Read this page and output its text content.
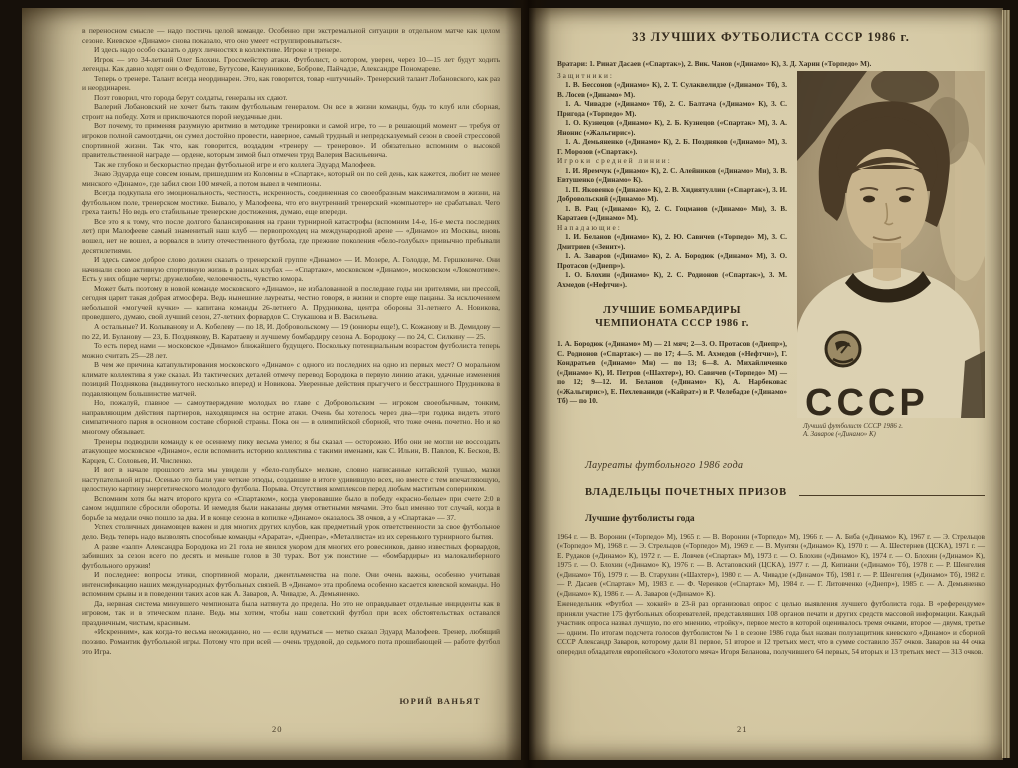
в переносном смысле — надо постичь целой команде. Особенно при экстремальной ситуации в отдельном матче как целом сезоне. Киевское «Динамо» снова показало, что оно умеет «сгруппировываться».

И здесь надо особо сказать о двух личностях в коллективе. Игроке и тренере.

Игрок — это 34-летний Олег Блохин. Гроссмейстер атаки. Футболист, о котором, уверен, через 10—15 лет будут ходить легенды. Как давно ходят они о Федотове, Бутусове, Канунникове, Боброве, Пайчадзе, Александре Пономареве.

Теперь о тренере. Талант всегда неординарен. Это, как говорится, товар «штучный». Тренерский талант Лобановского, как раз и неординарен.

Поэт говорил, что города берут солдаты, генералы их сдают.

Валерий Лобановский не хочет быть таким футбольным генералом. Он все в жизни команды, будь то клуб или сборная, строит на победу. Хотя и приключаются порой неудачные дни.

Вот почему, то применяя разумную аритмию в методике тренировки и самой игре, то — в решающий момент — требуя от игроков полной самоотдачи, он сумел достойно провести, наверное, самый трудный и непредсказуемый сезон в своей стрессовой спортивной жизни. Так что, как говорится, воздадим «тренеру — тренерово». И обязательно вспомним о высокой правительственной награде — ордене, которым зимой был отмечен труд Валерия Васильевича.

Так же глубоко и бескорыстно предан футбольной игре и его коллега Эдуард Малофеев.

Знаю Эдуарда еще совсем юным, пришедшим из Коломны в «Спартак», который он по сей день, как кажется, любит не менее минского «Динамо», где забил свои 100 мячей, а потом вывел в чемпионы.

Всегда подкупала его эмоциональность, честность, искренность, соединенная со своеобразным максимализмом в жизни, на футбольном поле, тренерском мостике. Бывало, у Малофеева, что его внутренний тренерский «компьютер» не срабатывал. Чего греха таить! Но ведь его стабильные тренерские достижения, думаю, еще впереди.

Все это я к тому, что после долгого балансирования на грани турнирной катастрофы (вспомним 14-е, 16-е места последних лет) при Малофееве самый знаменитый наш клуб — первопроходец на международной арене — «Динамо» из Москвы, вновь вошел, нет не вошел, а ворвался в элиту отечественного футбола, где прежние поколения «бело-голубых» привычно пребывали десятилетиями.

И здесь самое доброе слово должен сказать о тренерской группе «Динамо» — И. Мозере, А. Голодце, М. Гершковиче. Они начинали свою активную спортивную жизнь в разных клубах — «Спартаке», московском «Динамо», московском «Локомотиве». Есть у них общие черты: дружелюбие, человечность, чувство юмора.

Может быть поэтому в новой команде московского «Динамо», не избалованной в последние годы ни зрителями, ни прессой, сегодня царит такая добрая атмосфера. Ведь нынешние лауреаты, честно говоря, в жизни и спорте еще пацаны. За исключением небольшой «могучей кучки» — капитана команды 26-летнего А. Прудникова, центра обороны 31-летнего А. Новикова, проведшего, думаю, свой лучший сезон, 27-летних форвардов С. Стукашова и В. Васильева.

А остальные? И. Колыванову и А. Кобелеву — по 18, И. Добровольскому — 19 (юниоры еще!), С. Кожанову и В. Демидову — по 22, И. Буланову — 23, Б. Позднякову, В. Каратаеву и лучшему бомбардиру сезона А. Бородюку — по 24, С. Силкину — 25.

То есть перед нами — московское «Динамо» ближайшего будущего. Поскольку потенциальным возрастом футболиста теперь можно считать 25—28 лет.

В чем же причина катапультирования московского «Динамо» с одного из последних на одно из первых мест? О моральном климате коллектива я уже сказал. Из тактических деталей отмечу перевод Бородюка в первую линию атаки, удачные изменения позиций Позднякова (выдвинутого несколько вперед) и Новикова. Уверенные действия прыгучего и бесстрашного Прудникова в подавляющем большинстве матчей.

Но, пожалуй, главное — самоутверждение молодых во главе с Добровольским — игроком своеобычным, тонким, направляющим действия партнеров, находящимся на острие атаки. Очень бы хотелось через два—три годика видеть этого симпатичного парня в основном составе сборной страны. Пока он — в олимпийской сборной, что тоже очень почетно. Но и ко многому обязывает.

Тренеры подводили команду к ее осеннему пику весьма умело; я бы сказал — осторожно. Ибо они не могли не воссоздать атакующее московское «Динамо», если вспомнить историю коллектива с такими именами, как С. Ильин, В. Павлов, К. Бесков, В. Карцев, С. Соловьев, И. Численко.

И вот в начале прошлого лета мы увидели у «бело-голубых» мелкие, словно написанные китайской тушью, мазки наступательной игры. Осенью это были уже четкие этюды, создавшие в итоге удивившую всех, но вместе с тем впечатляющую, целостную картину энергетического молодого футбола. Порыва. Отсутствия комплексов перед любым маститым соперником.

Вспомним хотя бы матч второго круга со «Спартаком», когда уверовавшие было в победу «красно-белые» при счете 2:0 в самом эндшпиле сбросили обороты. И немедля были наказаны двумя ответными мячами. Это был именно тот случай, когда в борьбе за медали очко пошло за два. И в конце сезона в копилке «Динамо» оказалось 38 очков, а у «Спартака» — 37.

Успех столичных динамовцев важен и для многих других клубов, как предметный урок ответственности за свое футбольное дело. Ведь теперь надо вызволять способные команды «Арарата», «Днепра», «Металлиста» из их серенького турнирного бытия.

А разве «залп» Александра Бородюка из 21 гола не явился укором для многих его ровесников, давно известных форвардов, забивших за сезон всего по десять и меньше голов в 30 турах. Вот уж поистине — «бомбардиры» из малокалиберного футбольного оружия!

И последнее: вопросы этики, спортивной морали, джентльменства на поле. Они очень важны, особенно учитывая интенсификацию наших международных футбольных связей. В «Динамо» эта проблема особенно касается киевской команды. Но вспомним срывы и в поведении таких асов как А. Заваров, А. Чивадзе, А. Демьяненко.

Да, нервная система минувшего чемпионата была натянута до предела. Но это не оправдывает отдельные инциденты как в игровом, так и в этическом плане. Ведь мы хотим, чтобы наш советский футбол при всех обстоятельствах оставался праздничным, чистым, красивым.

«Искренним», как когда-то весьма неожиданно, но — если вдуматься — метко сказал Эдуард Малофеев. Тренер, любящий поэзию. Романтик футбольной игры. Потому что при всей — очень трудовой, до седьмого пота прошибающей — работе футбол это Игра.

ЮРИЙ ВАНЬЯТ
20
33 ЛУЧШИХ ФУТБОЛИСТА СССР 1986 г.
Вратари: 1. Ринат Дасаев («Спартак»), 2. Вик. Чанов («Динамо» К), 3. Д. Харин («Торпедо» М).

Защитники:

1. В. Бессонов («Динамо» К), 2. Т. Сулаквелидзе («Динамо» Тб), 3. В. Лосев («Динамо» М).

1. А. Чивадзе («Динамо» Тб), 2. С. Балтача («Динамо» К), 3. С. Пригода («Торпедо» М).

1. О. Кузнецов («Динамо» К), 2. Б. Кузнецов («Спартак» М), 3. А. Янонис («Жальгирис»).

1. А. Демьяненко («Динамо» К), 2. Б. Поздняков («Динамо» М), 3. Г. Морозов («Спартак»).

Игроки средней линии:

1. И. Яремчук («Динамо» К), 2. С. Алейников («Динамо» Мн), 3. В. Евтушенко («Динамо» К).

1. П. Яковенко («Динамо» К), 2. В. Хидиятуллин («Спартак»), 3. И. Добровольский («Динамо» М).

1. В. Рац («Динамо» К), 2. С. Гоцманов («Динамо» Мн), 3. В. Каратаев («Динамо» М).

Нападающие:

1. И. Беланов («Динамо» К), 2. Ю. Савичев («Торпедо» М), 3. С. Дмитриев («Зенит»).

1. А. Заваров («Динамо» К), 2. А. Бородюк («Динамо» М), 3. О. Протасов («Днепр»).

1. О. Блохин («Динамо» К), 2. С. Родионов («Спартак»), 3. М. Ахмедов («Нефтчи»).

ЛУЧШИЕ БОМБАРДИРЫ
ЧЕМПИОНАТА СССР 1986 г.

1. А. Бородюк («Динамо» М) — 21 мяч; 2—3. О. Протасов («Днепр»), С. Родионов («Спартак») — по 17; 4—5. М. Ахмедов («Нефтчи»), Г. Кондратьев («Динамо» Мн) — по 13; 6—8. А. Михайличенко («Динамо» К), И. Петров («Шахтер»), Ю. Савичев («Торпедо» М) — по 12; 9—12. И. Беланов («Динамо» К), А. Нарбековас («Жальгирис»), Е. Пехлеваниди («Кайрат») и Р. Челебадзе («Динамо» Тб) — по 10.	СССР
Лучший футболист СССР 1986 г.
А. Заваров («Динамо» К)
Лауреаты футбольного 1986 года
ВЛАДЕЛЬЦЫ ПОЧЕТНЫХ ПРИЗОВ
Лучшие футболисты года

1964 г. — В. Воронин («Торпедо» М), 1965 г. — В. Воронин («Торпедо» М), 1966 г. — А. Биба («Динамо» К), 1967 г. — Э. Стрельцов («Торпедо» М), 1968 г. — Э. Стрельцов («Торпедо» М), 1969 г. — В. Мунтян («Динамо» К), 1970 г. — А. Шестернев (ЦСКА), 1971 г. — Е. Рудаков («Динамо» К), 1972 г. — Е. Ловчев («Спартак» М), 1973 г. — О. Блохин («Динамо» К), 1974 г. — О. Блохин («Динамо» К), 1975 г. — О. Блохин («Динамо» К), 1976 г. — В. Астаповский (ЦСКА), 1977 г. — Д. Кипиани («Динамо» Тб), 1978 г. — Р. Шенгелия («Динамо» Тб), 1979 г. — В. Старухин («Шахтер»), 1980 г. — А. Чивадзе («Динамо» Тб), 1981 г. — Р. Шенгелия («Динамо» Тб), 1982 г. — Р. Дасаев («Спартак» М), 1983 г. — Ф. Черенков («Спартак» М), 1984 г. — Г. Литовченко («Днепр»), 1985 г. — А. Демьяненко («Динамо» К), 1986 г. — А. Заваров («Динамо» К).

Еженедельник «Футбол — хоккей» в 23-й раз организовал опрос с целью выявления лучшего футболиста года. В «референдуме» приняли участие 175 футбольных обозревателей, представлявших 108 органов печати и других средств массовой информации. Каждый участник опроса назвал лучшую, по его мнению, «тройку», первое место в которой оценивалось тремя очками, второе — двумя, третье — одним. По итогам подсчета голосов футболистом № 1 в сезоне 1986 года был назван полузащитник киевского «Динамо» и сборной СССР Александр Заваров, которому дали 81 первое, 51 второе и 12 третьих мест, что в сумме составило 357 очков. Заваров на 44 очка опередил обладателя европейского «Золотого мяча» Игоря Беланова, получившего 64 первых, 54 вторых и 13 третьих мест — 313 очков.

21
